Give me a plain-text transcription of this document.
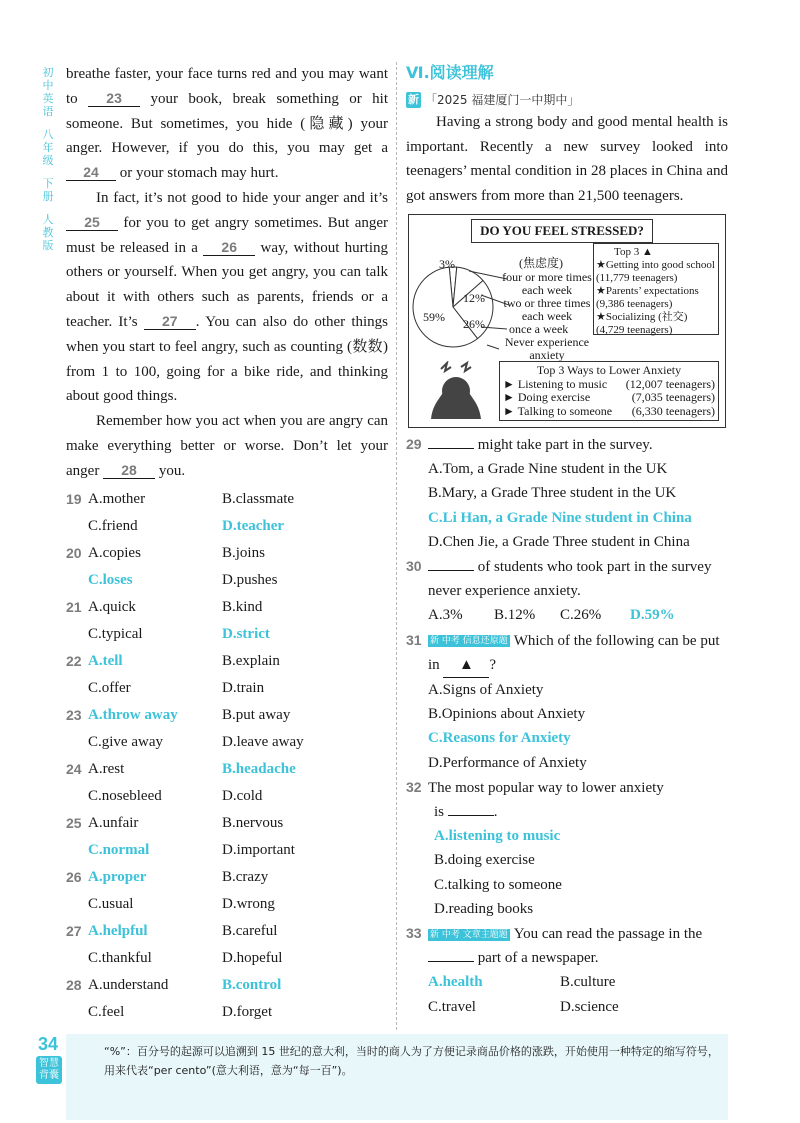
初中英语
八年级
下册
人教版

breathe faster, your face turns red and you may want to 23 your book, break something or hit someone. But sometimes, you hide (隐藏) your anger. However, if you do this, you may get a 24 or your stomach may hurt.

In fact, it’s not good to hide your anger and it’s 25 for you to get angry sometimes. But anger must be released in a 26 way, without hurting others or yourself. When you get angry, you can talk about it with others such as parents, friends or a teacher. It’s 27 . You can also do other things when you start to feel angry, such as counting (数数) from 1 to 100, going for a bike ride, and thinking about good things.

Remember how you act when you are angry can make everything better or worse. Don’t let your anger 28 you.

19 A.mother	B.classmate
C.friend	D.teacher
20 A.copies	B.joins
C.loses	D.pushes
21 A.quick	B.kind
C.typical	D.strict
22 A.tell	B.explain
C.offer	D.train
23 A.throw away	B.put away
C.give away	D.leave away
24 A.rest	B.headache
C.nosebleed	D.cold
25 A.unfair	B.nervous
C.normal	D.important
26 A.proper	B.crazy
C.usual	D.wrong
27 A.helpful	B.careful
C.thankful	D.hopeful
28 A.understand	B.control
C.feel	D.forget
Ⅵ.阅读理解
新 「2025 福建厦门一中期中」

Having a strong body and good mental health is important. Recently a new survey looked into teenagers’ mental condition in 28 places in China and got answers from more than 21,500 teenagers.

DO YOU FEEL STRESSED?
(焦虑度)
3%
12%
26%
59%
four or more times each week
two or three times each week
once a week
Never experience anxiety
Top 3 ▲
★Getting into good school (11,779 teenagers)
★Parents’ expectations (9,386 teenagers)
★Socializing (社交) (4,729 teenagers)
Top 3 Ways to Lower Anxiety
► Listening to music (12,007 teenagers)
► Doing exercise	(7,035 teenagers)
► Talking to someone (6,330 teenagers)
29	might take part in the survey.
A.Tom, a Grade Nine student in the UK
B.Mary, a Grade Three student in the UK
C.Li Han, a Grade Nine student in China
D.Chen Jie, a Grade Three student in China
30	of students who took part in the survey
never experience anxiety.
A.3% B.12% C.26% D.59%
31 新 中考 信息还原题 Which of the following can be put
in ▲ ?
A.Signs of Anxiety
B.Opinions about Anxiety
C.Reasons for Anxiety
D.Performance of Anxiety
32 The most popular way to lower anxiety
is	.
A.listening to music
B.doing exercise
C.talking to someone
D.reading books
33 新 中考 文章主题题 You can read the passage in the
part of a newspaper.
A.health	B.culture
C.travel	D.science
34
智慧背囊
“%”：百分号的起源可以追溯到 15 世纪的意大利，当时的商人为了方便记录商品价格的涨跌，开始使用一种特定的缩写符号，用来代表“per cento”(意大利语，意为“每一百”)。
